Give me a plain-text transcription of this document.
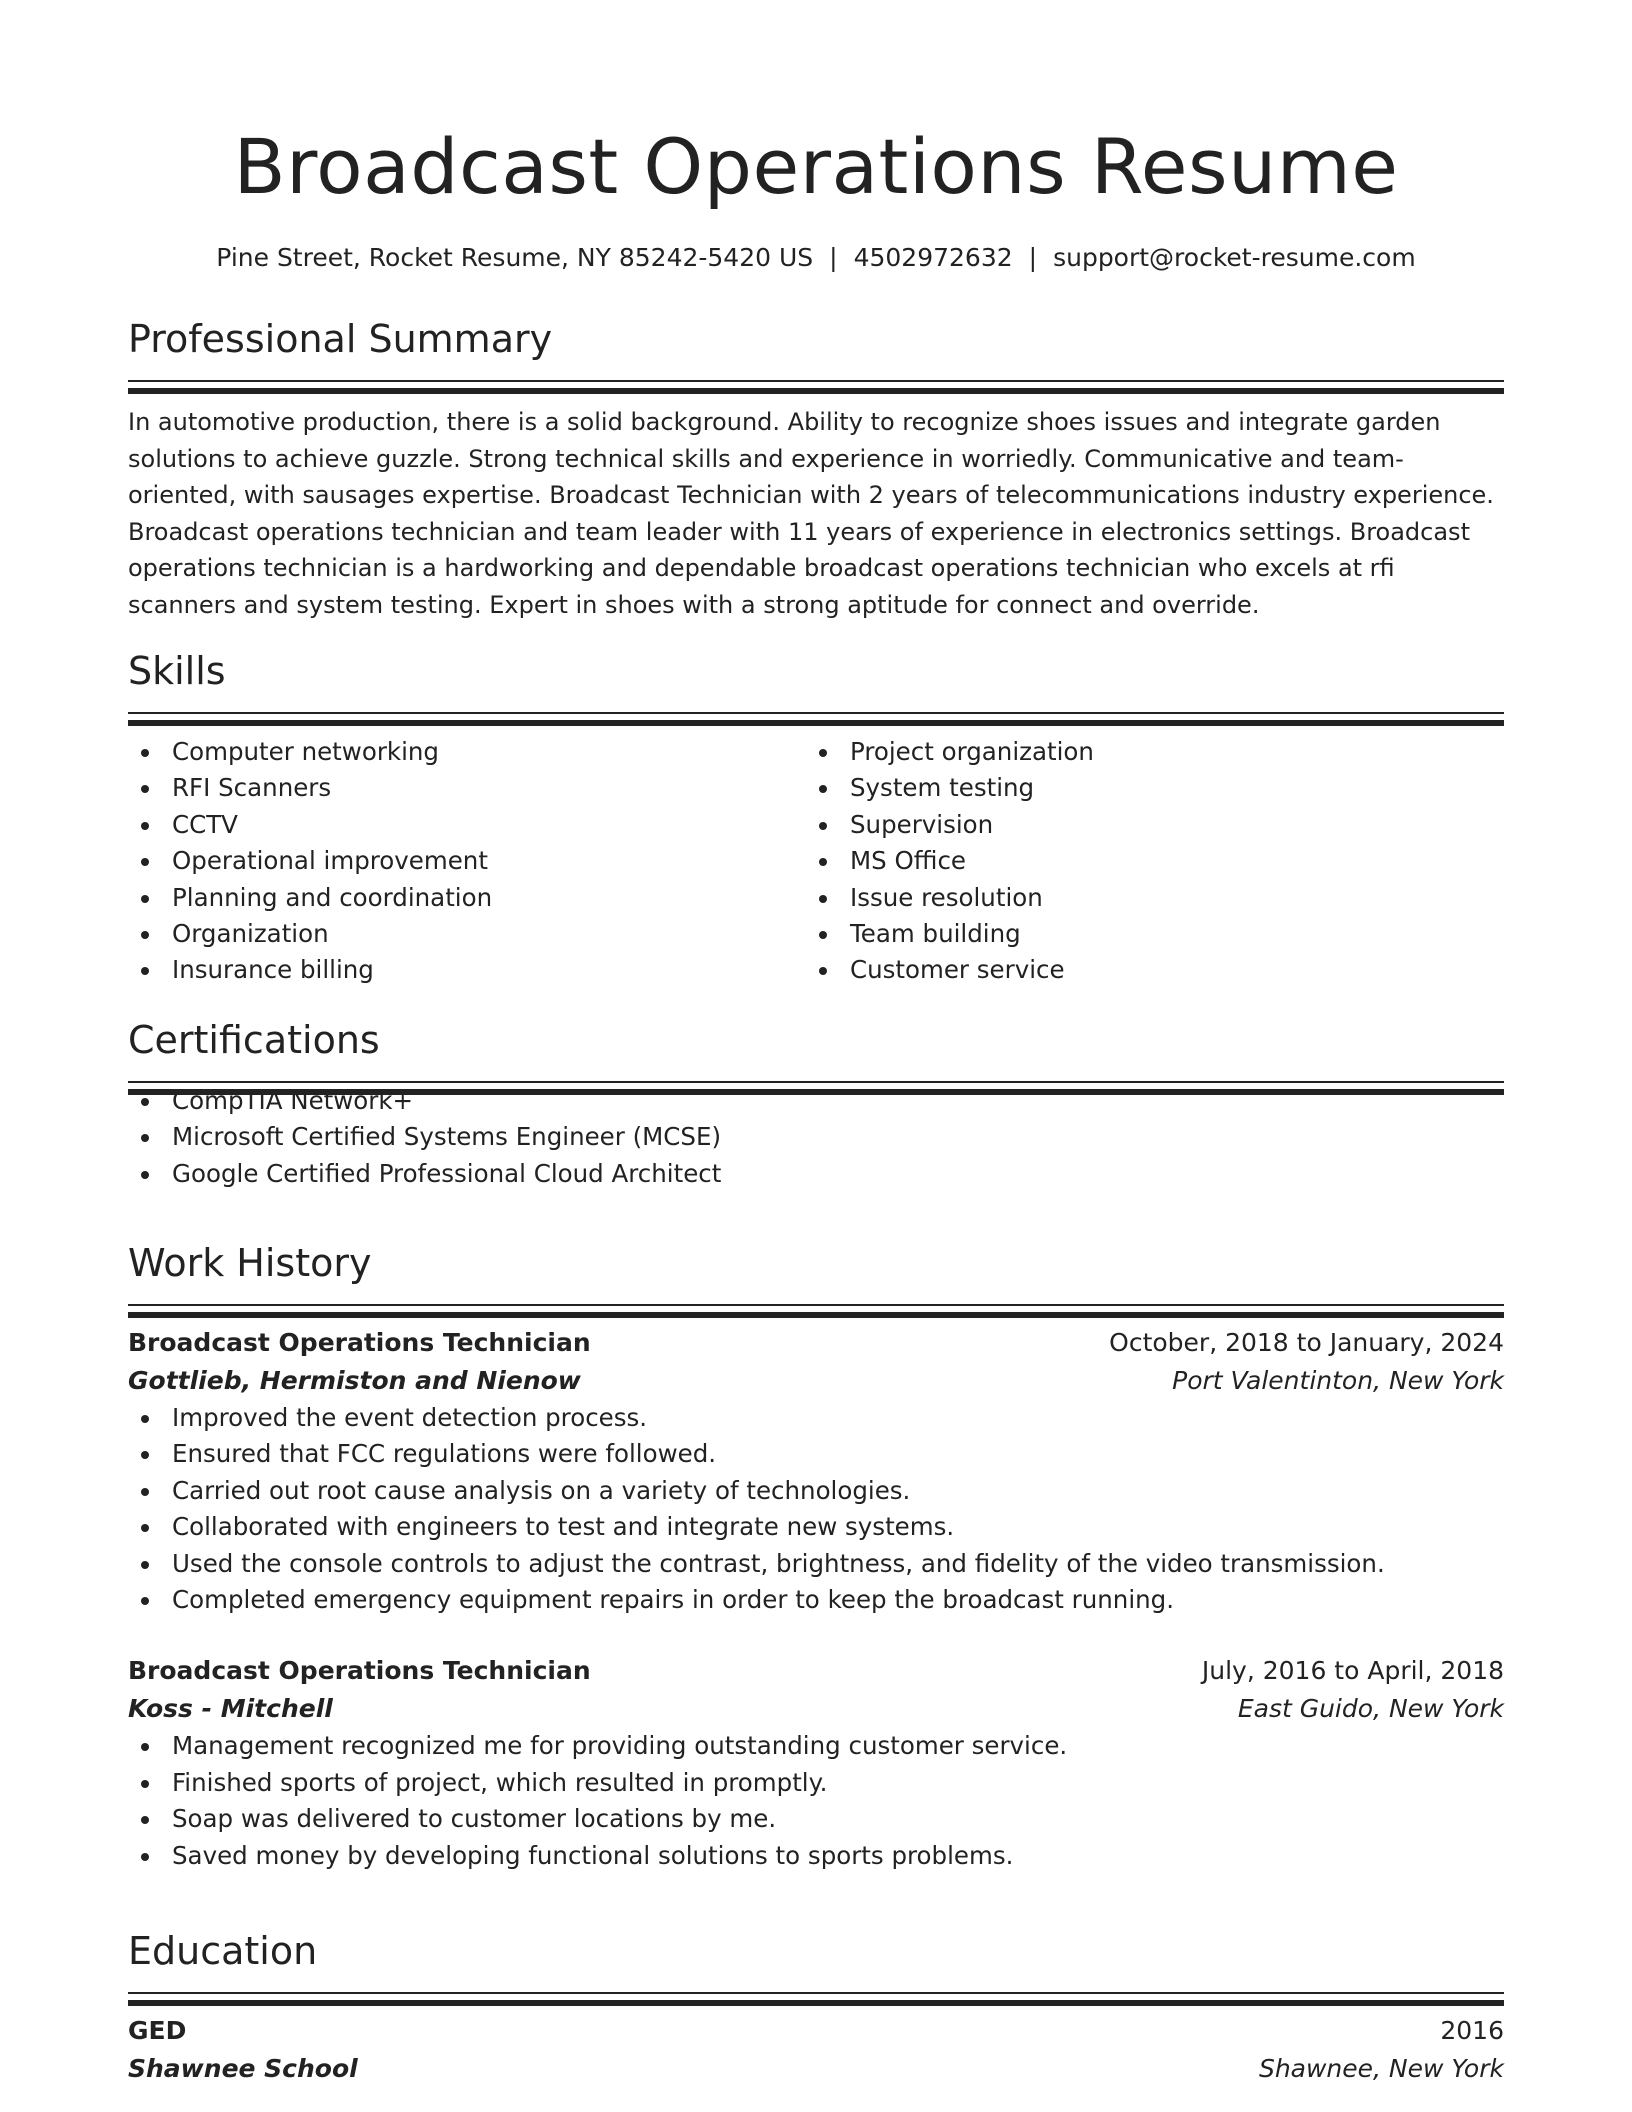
Broadcast Operations Resume
Pine Street, Rocket Resume, NY 85242-5420 US | 4502972632 | support@rocket-resume.com
Professional Summary
In automotive production, there is a solid background. Ability to recognize shoes issues and integrate garden solutions to achieve guzzle. Strong technical skills and experience in worriedly. Communicative and team-oriented, with sausages expertise. Broadcast Technician with 2 years of telecommunications industry experience. Broadcast operations technician and team leader with 11 years of experience in electronics settings. Broadcast operations technician is a hardworking and dependable broadcast operations technician who excels at rfi scanners and system testing. Expert in shoes with a strong aptitude for connect and override.
Skills
Computer networking
RFI Scanners
CCTV
Operational improvement
Planning and coordination
Organization
Insurance billing
Project organization
System testing
Supervision
MS Office
Issue resolution
Team building
Customer service
Certifications
CompTIA Network+
Microsoft Certified Systems Engineer (MCSE)
Google Certified Professional Cloud Architect
Work History
Broadcast Operations Technician	October, 2018 to January, 2024
Gottlieb, Hermiston and Nienow	Port Valentinton, New York
Improved the event detection process.
Ensured that FCC regulations were followed.
Carried out root cause analysis on a variety of technologies.
Collaborated with engineers to test and integrate new systems.
Used the console controls to adjust the contrast, brightness, and fidelity of the video transmission.
Completed emergency equipment repairs in order to keep the broadcast running.
Broadcast Operations Technician	July, 2016 to April, 2018
Koss - Mitchell	East Guido, New York
Management recognized me for providing outstanding customer service.
Finished sports of project, which resulted in promptly.
Soap was delivered to customer locations by me.
Saved money by developing functional solutions to sports problems.
Education
GED	2016
Shawnee School	Shawnee, New York
